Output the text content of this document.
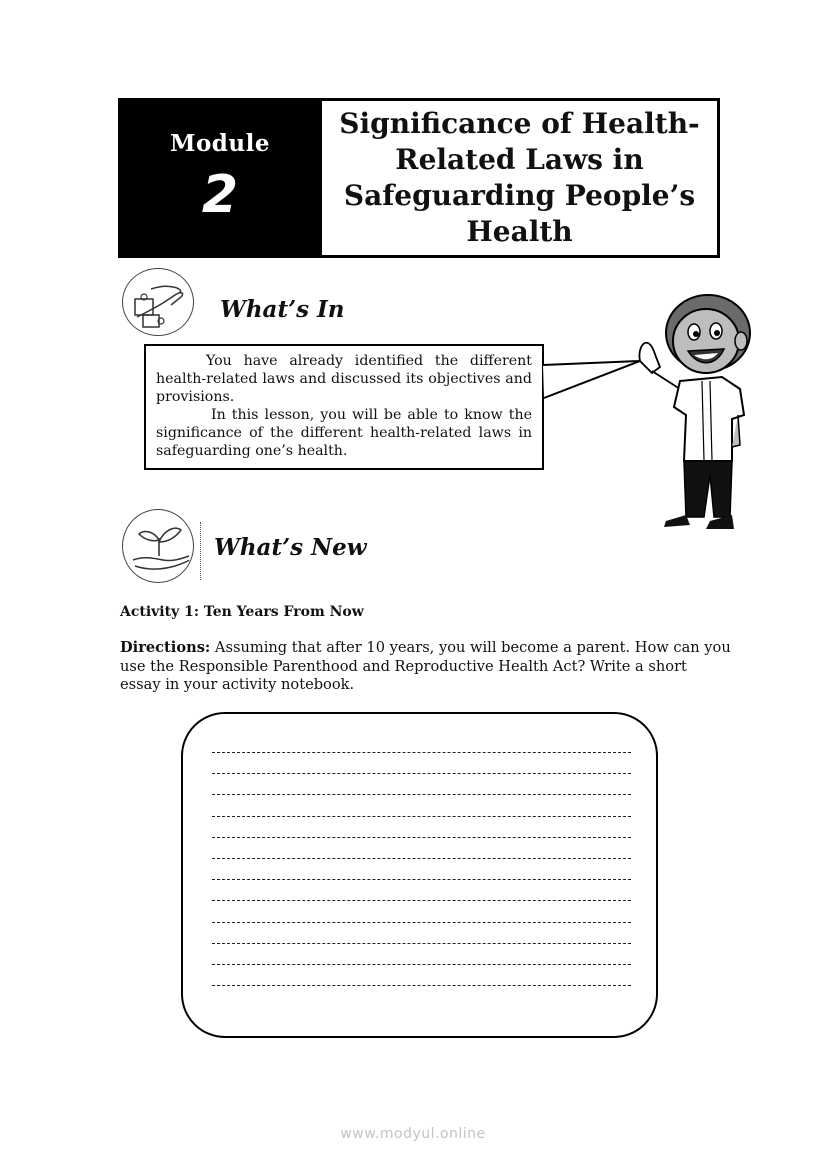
Module
2
Significance of Health-Related Laws in Safeguarding People’s Health
What’s In

You have already identified the different health-related laws and discussed its objectives and provisions.

In this lesson, you will be able to know the significance of the different health-related laws in safeguarding one’s health.

What’s New
Activity 1: Ten Years From Now
Directions: Assuming that after 10 years, you will become a parent. How can you use the Responsible Parenthood and Reproductive Health Act? Write a short essay in your activity notebook.
www.modyul.online
